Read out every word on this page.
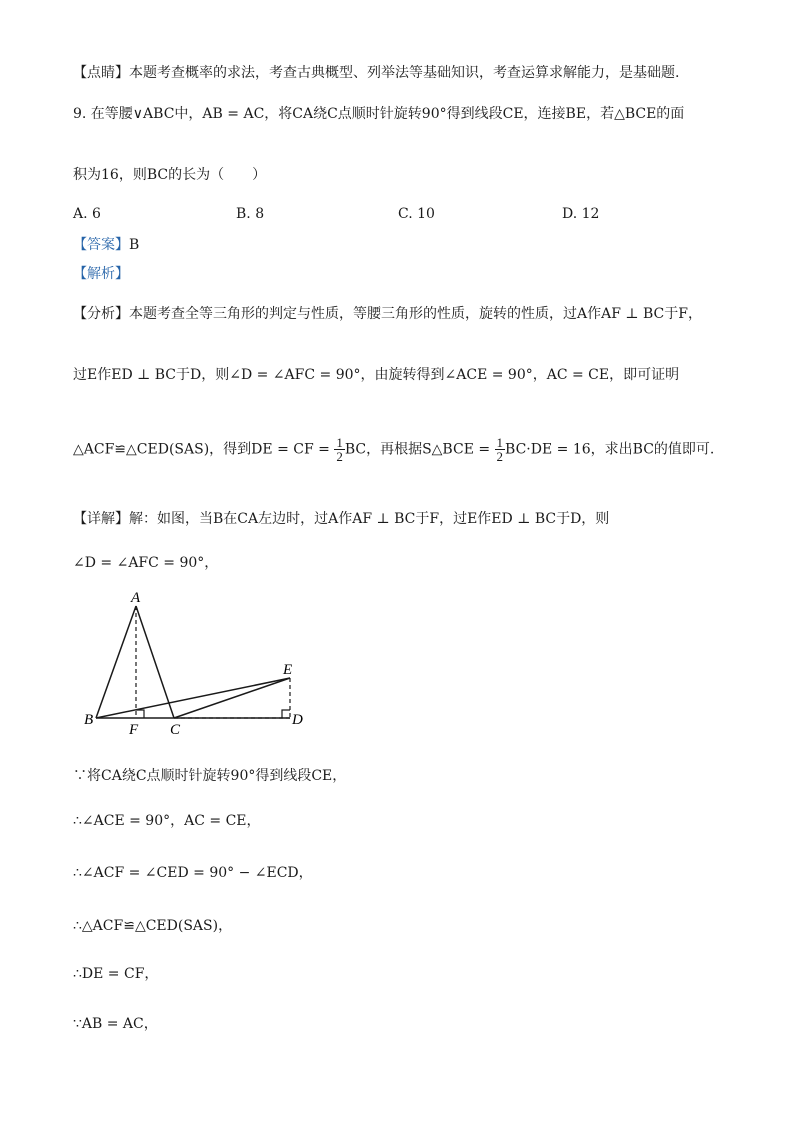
【点睛】本题考查概率的求法，考查古典概型、列举法等基础知识，考查运算求解能力，是基础题.
9. 在等腰∨ABC中，AB = AC，将CA绕C点顺时针旋转90°得到线段CE，连接BE，若△BCE的面
积为16，则BC的长为（　　）
A. 6	B. 8	C. 10	D. 12
【答案】B
【解析】
【分析】本题考查全等三角形的判定与性质，等腰三角形的性质，旋转的性质，过A作AF ⊥ BC于F，
过E作ED ⊥ BC于D，则∠D = ∠AFC = 90°，由旋转得到∠ACE = 90°，AC = CE，即可证明
△ACF≌△CED(SAS)，得到DE = CF = $\frac{1}{2}$ BC，再根据S△BCE = $\frac{1}{2} BC\cdot DE = 16$，求出BC的值即可.
【详解】解：如图，当B在CA左边时，过A作AF ⊥ BC于F，过E作ED ⊥ BC于D，则
∠D = ∠AFC = 90°，
A
B
C
D
E
F
∵将CA绕C点顺时针旋转90°得到线段CE，
∴∠ACE = 90°，AC = CE，
∴∠ACF = ∠CED = 90° − ∠ECD，
∴△ACF≌△CED(SAS)，
∴DE = CF，
∵AB = AC，
